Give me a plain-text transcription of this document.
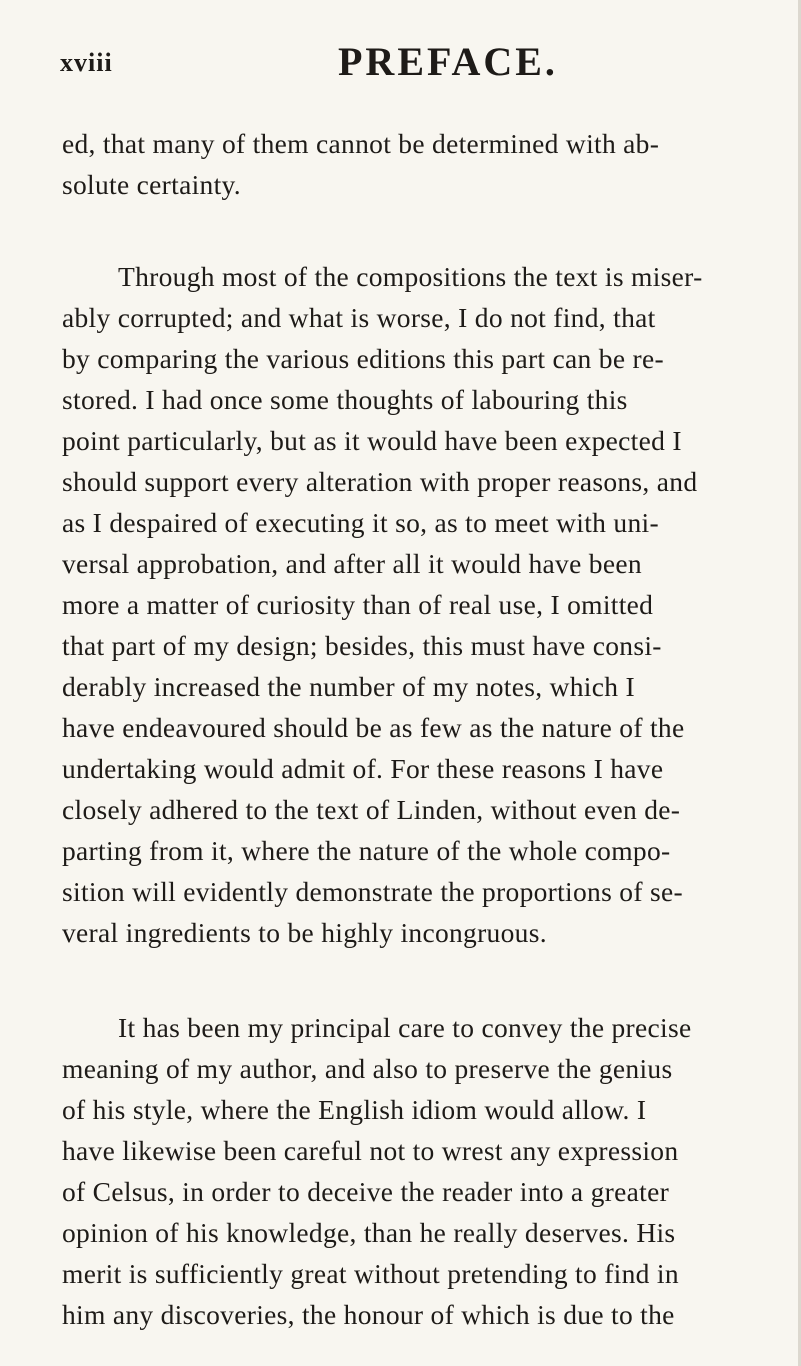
xviii	PREFACE.
ed, that many of them cannot be determined with ab-
solute certainty.
Through most of the compositions the text is miser-
ably corrupted; and what is worse, I do not find, that
by comparing the various editions this part can be re-
stored. I had once some thoughts of labouring this
point particularly, but as it would have been expected I
should support every alteration with proper reasons, and
as I despaired of executing it so, as to meet with uni-
versal approbation, and after all it would have been
more a matter of curiosity than of real use, I omitted
that part of my design; besides, this must have consi-
derably increased the number of my notes, which I
have endeavoured should be as few as the nature of the
undertaking would admit of. For these reasons I have
closely adhered to the text of Linden, without even de-
parting from it, where the nature of the whole compo-
sition will evidently demonstrate the proportions of se-
veral ingredients to be highly incongruous.
It has been my principal care to convey the precise
meaning of my author, and also to preserve the genius
of his style, where the English idiom would allow. I
have likewise been careful not to wrest any expression
of Celsus, in order to deceive the reader into a greater
opinion of his knowledge, than he really deserves. His
merit is sufficiently great without pretending to find in
him any discoveries, the honour of which is due to the
